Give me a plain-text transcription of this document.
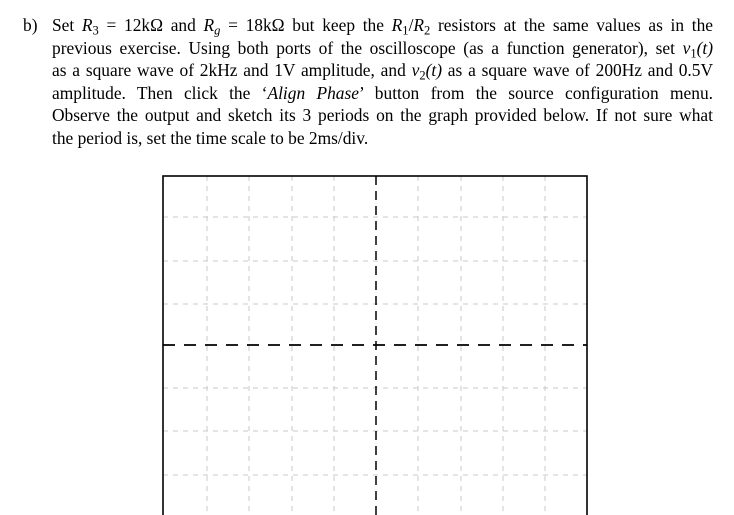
b) Set $R_3 = 12k\Omega$ and $R_g = 18k\Omega$ but keep the $R_1/R_2$ resistors at the same values as in the
previous exercise. Using both ports of the oscilloscope (as a function generator), set $v_1(t)$
as a square wave of 2kHz and 1V amplitude, and $v_2(t)$ as a square wave of 200Hz and 0.5V
amplitude. Then click the ‘Align Phase’ button from the source configuration menu.
Observe the output and sketch its 3 periods on the graph provided below. If not sure what
the period is, set the time scale to be 2ms/div.
